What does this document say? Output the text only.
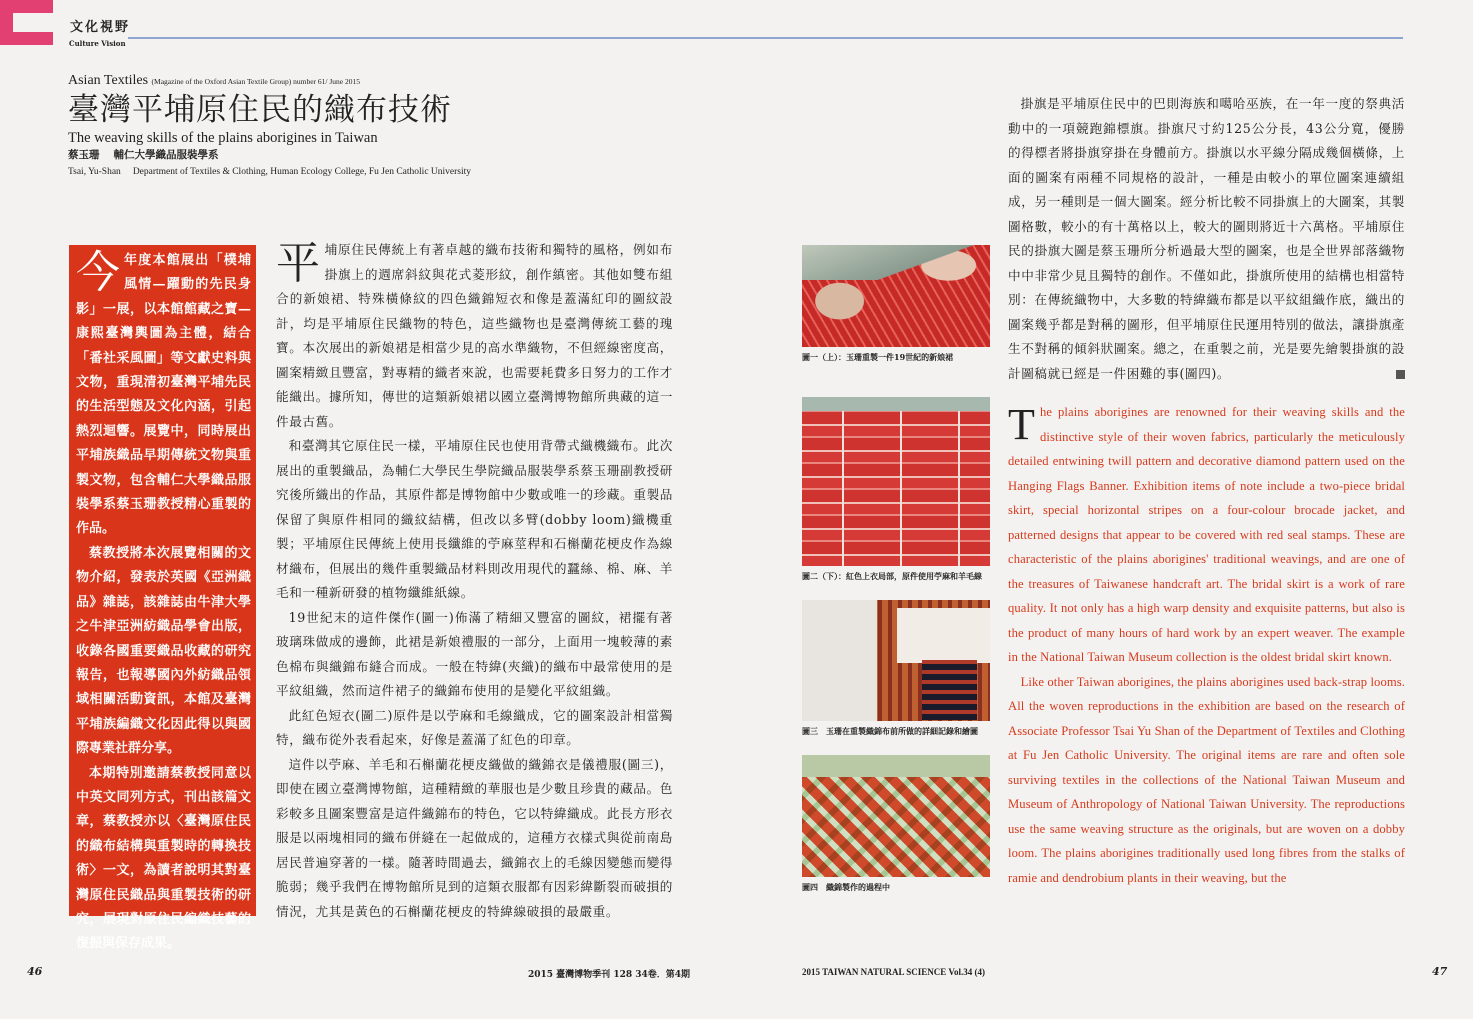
文化視野
Culture Vision
Asian Textiles (Magazine of the Oxford Asian Textile Group) number 61/ June 2015
臺灣平埔原住民的織布技術
The weaving skills of the plains aborigines in Taiwan
蔡玉珊 輔仁大學織品服裝學系
Tsai, Yu-Shan Department of Textiles & Clothing, Human Ecology College, Fu Jen Catholic University

今年度本館展出「樸埔風情—躍動的先民身影」一展，以本館館藏之寶—康熙臺灣輿圖為主體，結合「番社采風圖」等文獻史料與文物，重現清初臺灣平埔先民的生活型態及文化內涵，引起熱烈迴響。展覽中，同時展出平埔族織品早期傳統文物與重製文物，包含輔仁大學織品服裝學系蔡玉珊教授精心重製的作品。

蔡教授將本次展覽相關的文物介紹，發表於英國《亞洲織品》雜誌，該雜誌由牛津大學之牛津亞洲紡織品學會出版，收錄各國重要織品收藏的研究報告，也報導國內外紡織品領域相關活動資訊，本館及臺灣平埔族編織文化因此得以與國際專業社群分享。

本期特別邀請蔡教授同意以中英文同列方式，刊出該篇文章，蔡教授亦以〈臺灣原住民的織布結構與重製時的轉換技術〉一文，為讀者說明其對臺灣原住民織品與重製技術的研究，展現對原住民編織技藝的復振與保存成果。

平埔原住民傳統上有著卓越的織布技術和獨特的風格，例如布掛旗上的週席斜紋與花式菱形紋，創作縝密。其他如雙布組合的新娘裙、特殊橫條紋的四色織錦短衣和像是蓋滿紅印的圖紋設計，均是平埔原住民織物的特色，這些織物也是臺灣傳統工藝的瑰寶。本次展出的新娘裙是相當少見的高水準織物，不但經線密度高，圖案精緻且豐富，對專精的織者來說，也需要耗費多日努力的工作才能織出。據所知，傳世的這類新娘裙以國立臺灣博物館所典藏的這一件最古舊。

和臺灣其它原住民一樣，平埔原住民也使用背帶式織機織布。此次展出的重製織品，為輔仁大學民生學院織品服裝學系蔡玉珊副教授研究後所織出的作品，其原件都是博物館中少數或唯一的珍藏。重製品保留了與原件相同的織紋結構，但改以多臂(dobby loom)織機重製；平埔原住民傳統上使用長纖維的苧麻莖稈和石槲蘭花梗皮作為線材織布，但展出的幾件重製織品材料則改用現代的蠶絲、棉、麻、羊毛和一種新研發的植物纖維紙線。

19世紀末的這件傑作(圖一)佈滿了精細又豐富的圖紋，裙擺有著玻璃珠做成的邊飾，此裙是新娘禮服的一部分，上面用一塊較薄的素色棉布與織錦布縫合而成。一般在特緯(夾織)的織布中最常使用的是平紋組織，然而這件裙子的織錦布使用的是變化平紋組織。

此紅色短衣(圖二)原件是以苧麻和毛線織成，它的圖案設計相當獨特，織布從外表看起來，好像是蓋滿了紅色的印章。

這件以苧麻、羊毛和石槲蘭花梗皮織做的織錦衣是儀禮服(圖三)，即使在國立臺灣博物館，這種精緻的華服也是少數且珍貴的藏品。色彩較多且圖案豐富是這件織錦布的特色，它以特緯織成。此長方形衣服是以兩塊相同的織布併縫在一起做成的，這種方衣樣式與從前南島居民普遍穿著的一樣。隨著時間過去，織錦衣上的毛線因變態而變得脆弱；幾乎我們在博物館所見到的這類衣服都有因彩緯斷裂而破損的情況，尤其是黃色的石槲蘭花梗皮的特緯線破損的最嚴重。

圖一（上）：玉珊重製一件19世紀的新娘裙
圖二（下）：紅色上衣局部，原件使用苧麻和羊毛線
圖三　玉珊在重製織錦布前所做的詳細記錄和繪圖
圖四　織錦製作的過程中

掛旗是平埔原住民中的巴則海族和噶哈巫族，在一年一度的祭典活動中的一項競跑錦標旗。掛旗尺寸約125公分長，43公分寬，優勝的得標者將掛旗穿掛在身體前方。掛旗以水平線分隔成幾個橫條，上面的圖案有兩種不同規格的設計，一種是由較小的單位圖案連續組成，另一種則是一個大圖案。經分析比較不同掛旗上的大圖案，其製圖格數，較小的有十萬格以上，較大的圖則將近十六萬格。平埔原住民的掛旗大圖是蔡玉珊所分析過最大型的圖案，也是全世界部落織物中中非常少見且獨特的創作。不僅如此，掛旗所使用的結構也相當特別：在傳統織物中，大多數的特緯織布都是以平紋組織作底，織出的圖案幾乎都是對稱的圖形，但平埔原住民運用特別的做法，讓掛旗產生不對稱的傾斜狀圖案。總之，在重製之前，光是要先繪製掛旗的設計圖稿就已經是一件困難的事(圖四)。

The plains aborigines are renowned for their weaving skills and the distinctive style of their woven fabrics, particularly the meticulously detailed entwining twill pattern and decorative diamond pattern used on the Hanging Flags Banner. Exhibition items of note include a two-piece bridal skirt, special horizontal stripes on a four-colour brocade jacket, and patterned designs that appear to be covered with red seal stamps. These are characteristic of the plains aborigines' traditional weavings, and are one of the treasures of Taiwanese handcraft art. The bridal skirt is a work of rare quality. It not only has a high warp density and exquisite patterns, but also is the product of many hours of hard work by an expert weaver. The example in the National Taiwan Museum collection is the oldest bridal skirt known.

Like other Taiwan aborigines, the plains aborigines used back-strap looms. All the woven reproductions in the exhibition are based on the research of Associate Professor Tsai Yu Shan of the Department of Textiles and Clothing at Fu Jen Catholic University. The original items are rare and often sole surviving textiles in the collections of the National Taiwan Museum and Museum of Anthropology of National Taiwan University. The reproductions use the same weaving structure as the originals, but are woven on a dobby loom. The plains aborigines traditionally used long fibres from the stalks of ramie and dendrobium plants in their weaving, but the

46	2015 臺灣博物季刊 128 34卷．第4期	2015 TAIWAN NATURAL SCIENCE Vol.34 (4)	47
